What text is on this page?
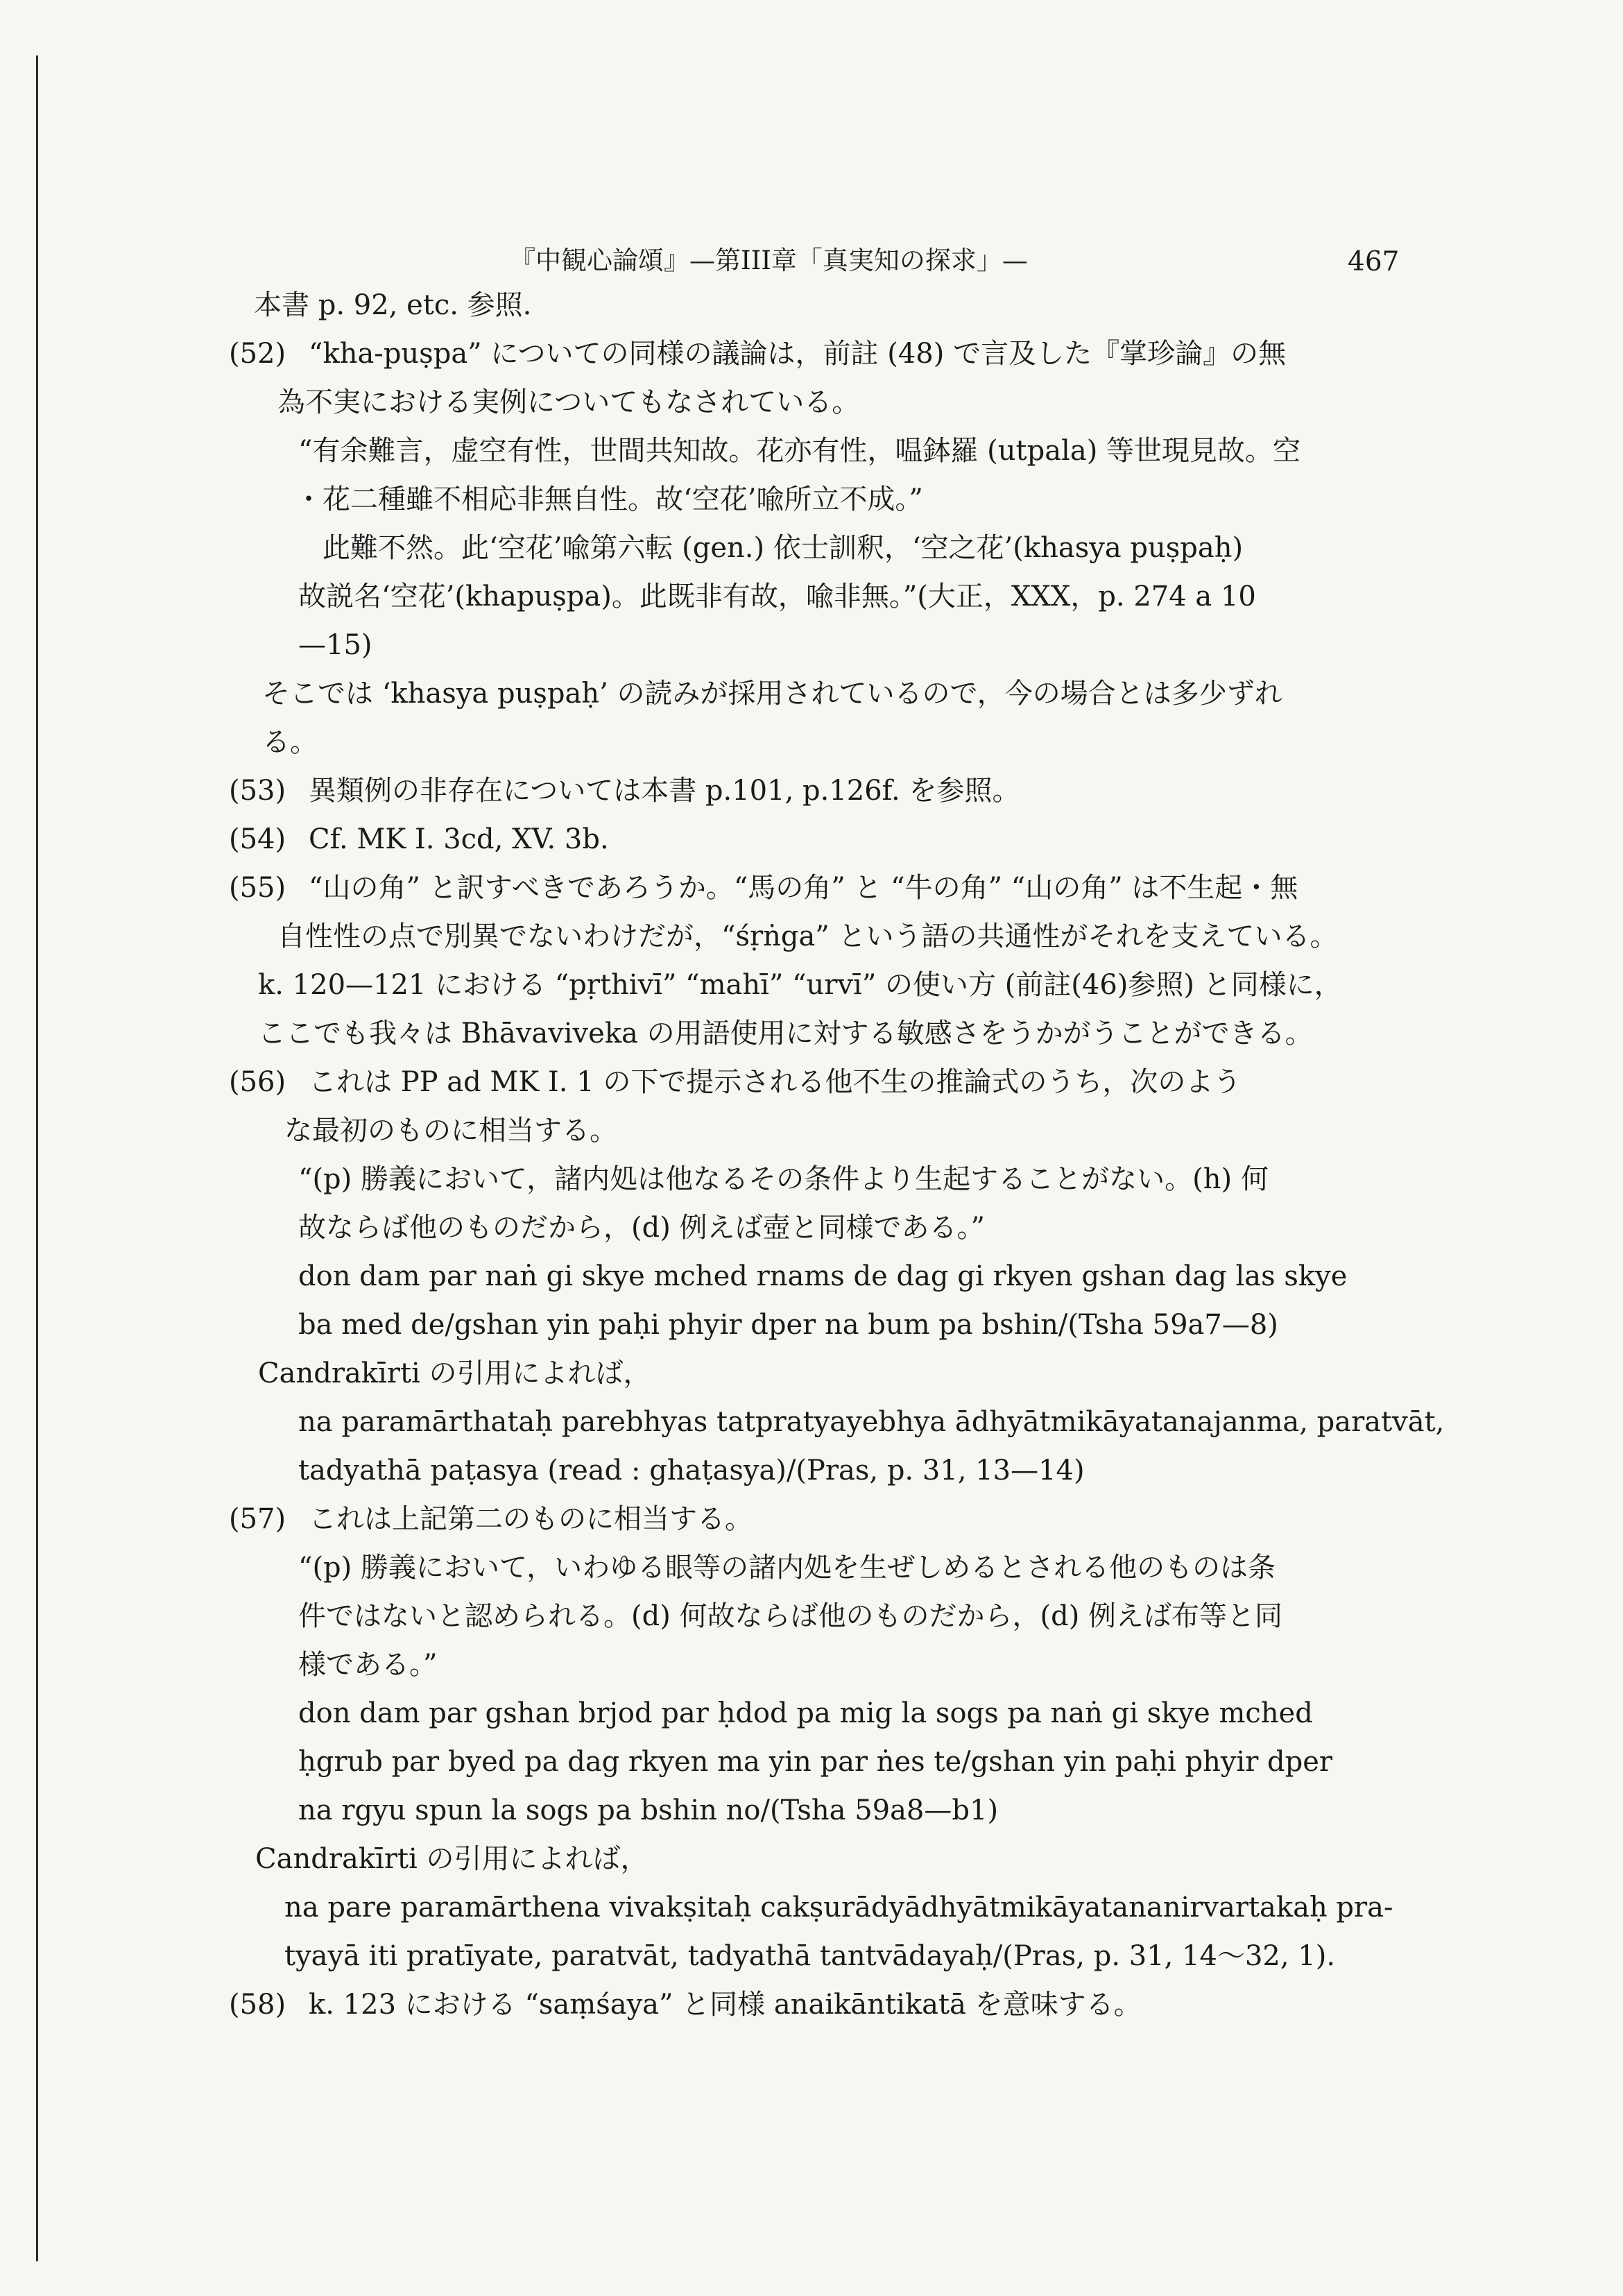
『中観心論頌』—第III章「真実知の探求」—	467
本書 p. 92, etc. 参照.
(52) “kha-puṣpa” についての同様の議論は，前註 (48) で言及した『掌珍論』の無
為不実における実例についてもなされている。
“有余難言，虚空有性，世間共知故。花亦有性，嗢鉢羅 (utpala) 等世現見故。空
・花二種雖不相応非無自性。故‘空花’喩所立不成。”
此難不然。此‘空花’喩第六転 (gen.) 依士訓釈，‘空之花’(khasya puṣpaḥ)
故説名‘空花’(khapuṣpa)。此既非有故，喩非無。”(大正，XXX，p. 274 a 10
—15)
そこでは ‘khasya puṣpaḥ’ の読みが採用されているので，今の場合とは多少ずれ
る。
(53) 異類例の非存在については本書 p.101, p.126f. を参照。
(54) Cf. MK I. 3cd, XV. 3b.
(55) “山の角” と訳すべきであろうか。“馬の角” と “牛の角” “山の角” は不生起・無
自性性の点で別異でないわけだが，“śṛṅga” という語の共通性がそれを支えている。
k. 120—121 における “pṛthivī” “mahī” “urvī” の使い方 (前註(46)参照) と同様に，
ここでも我々は Bhāvaviveka の用語使用に対する敏感さをうかがうことができる。
(56) これは PP ad MK I. 1 の下で提示される他不生の推論式のうち，次のよう
な最初のものに相当する。
“(p) 勝義において，諸内処は他なるその条件より生起することがない。(h) 何
故ならば他のものだから，(d) 例えば壺と同様である。”
don dam par naṅ gi skye mched rnams de dag gi rkyen gshan dag las skye
ba med de/gshan yin paḥi phyir dper na bum pa bshin/(Tsha 59a7—8)
Candrakīrti の引用によれば，
na paramārthataḥ parebhyas tatpratyayebhya ādhyātmikāyatanajanma, paratvāt,
tadyathā paṭasya (read : ghaṭasya)/(Pras, p. 31, 13—14)
(57) これは上記第二のものに相当する。
“(p) 勝義において，いわゆる眼等の諸内処を生ぜしめるとされる他のものは条
件ではないと認められる。(d) 何故ならば他のものだから，(d) 例えば布等と同
様である。”
don dam par gshan brjod par ḥdod pa mig la sogs pa naṅ gi skye mched
ḥgrub par byed pa dag rkyen ma yin par ṅes te/gshan yin paḥi phyir dper
na rgyu spun la sogs pa bshin no/(Tsha 59a8—b1)
Candrakīrti の引用によれば，
na pare paramārthena vivakṣitaḥ cakṣurādyādhyātmikāyatananirvartakaḥ pra-
tyayā iti pratīyate, paratvāt, tadyathā tantvādayaḥ/(Pras, p. 31, 14～32, 1).
(58) k. 123 における “saṃśaya” と同様 anaikāntikatā を意味する。
